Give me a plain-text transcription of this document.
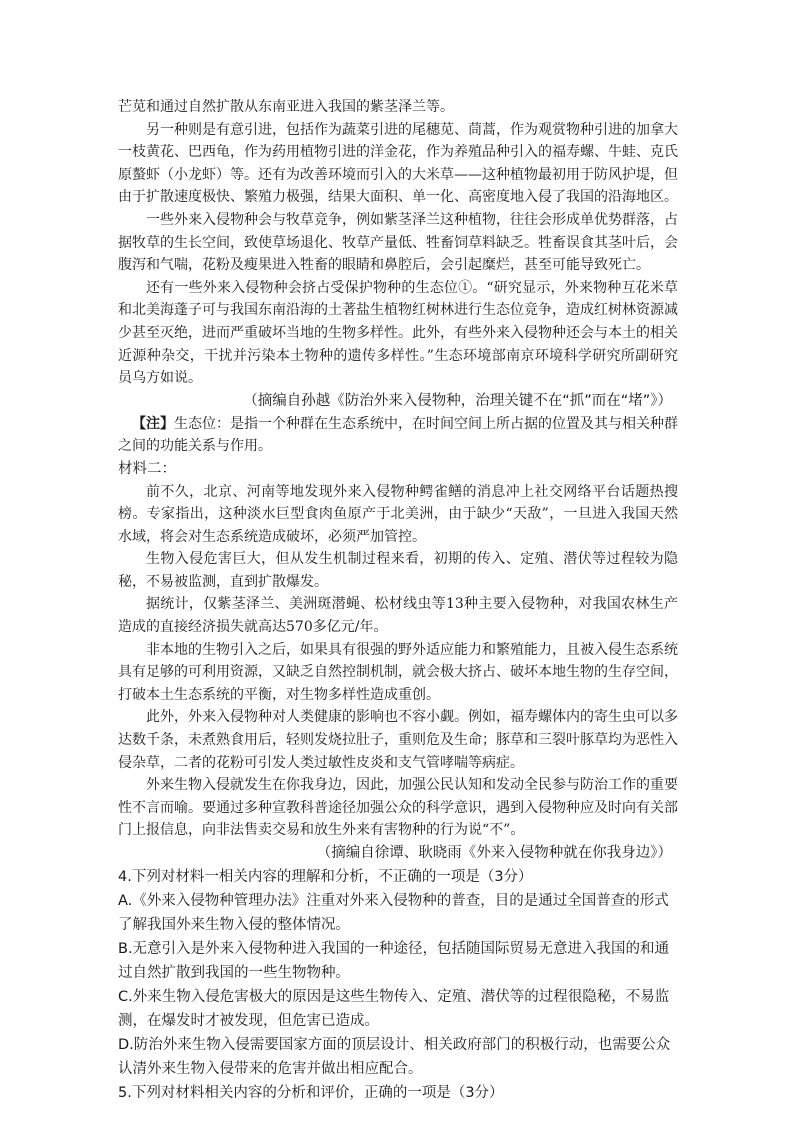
芒苋和通过自然扩散从东南亚进入我国的紫茎泽兰等。

另一种则是有意引进，包括作为蔬菜引进的尾穗苋、茼蒿，作为观赏物种引进的加拿大一枝黄花、巴西龟，作为药用植物引进的洋金花，作为养殖品种引入的福寿螺、牛蛙、克氏原螯虾（小龙虾）等。还有为改善环境而引入的大米草——这种植物最初用于防风护堤，但由于扩散速度极快、繁殖力极强，结果大面积、单一化、高密度地入侵了我国的沿海地区。

一些外来入侵物种会与牧草竞争，例如紫茎泽兰这种植物，往往会形成单优势群落，占据牧草的生长空间，致使草场退化、牧草产量低、牲畜饲草料缺乏。牲畜误食其茎叶后，会腹泻和气喘，花粉及瘦果进入牲畜的眼睛和鼻腔后，会引起糜烂，甚至可能导致死亡。

还有一些外来入侵物种会挤占受保护物种的生态位①。“研究显示，外来物种互花米草和北美海蓬子可与我国东南沿海的土著盐生植物红树林进行生态位竞争，造成红树林资源减少甚至灭绝，进而严重破坏当地的生物多样性。此外，有些外来入侵物种还会与本土的相关近源种杂交，干扰并污染本土物种的遗传多样性。”生态环境部南京环境科学研究所副研究员乌方如说。

（摘编自孙越《防治外来入侵物种，治理关键不在“抓”而在“堵”》）

【注】生态位：是指一个种群在生态系统中，在时间空间上所占据的位置及其与相关种群之间的功能关系与作用。

材料二：

前不久，北京、河南等地发现外来入侵物种鳄雀鳝的消息冲上社交网络平台话题热搜榜。专家指出，这种淡水巨型食肉鱼原产于北美洲，由于缺少“天敌”，一旦进入我国天然水域，将会对生态系统造成破坏，必须严加管控。

生物入侵危害巨大，但从发生机制过程来看，初期的传入、定殖、潜伏等过程较为隐秘，不易被监测，直到扩散爆发。

据统计，仅紫茎泽兰、美洲斑潜蝇、松材线虫等13种主要入侵物种，对我国农林生产造成的直接经济损失就高达570多亿元/年。

非本地的生物引入之后，如果具有很强的野外适应能力和繁殖能力，且被入侵生态系统具有足够的可利用资源，又缺乏自然控制机制，就会极大挤占、破坏本地生物的生存空间，打破本土生态系统的平衡，对生物多样性造成重创。

此外，外来入侵物种对人类健康的影响也不容小觑。例如，福寿螺体内的寄生虫可以多达数千条，未煮熟食用后，轻则发烧拉肚子，重则危及生命；豚草和三裂叶豚草均为恶性入侵杂草，二者的花粉可引发人类过敏性皮炎和支气管哮喘等病症。

外来生物入侵就发生在你我身边，因此，加强公民认知和发动全民参与防治工作的重要性不言而喻。要通过多种宣教科普途径加强公众的科学意识，遇到入侵物种应及时向有关部门上报信息，向非法售卖交易和放生外来有害物种的行为说“不”。

（摘编自徐谭、耿晓雨《外来入侵物种就在你我身边》）

4.下列对材料一相关内容的理解和分析，不正确的一项是（3分）

A.《外来入侵物种管理办法》注重对外来入侵物种的普查，目的是通过全国普查的形式了解我国外来生物入侵的整体情况。

B.无意引入是外来入侵物种进入我国的一种途径，包括随国际贸易无意进入我国的和通过自然扩散到我国的一些生物物种。

C.外来生物入侵危害极大的原因是这些生物传入、定殖、潜伏等的过程很隐秘，不易监测，在爆发时才被发现，但危害已造成。

D.防治外来生物入侵需要国家方面的顶层设计、相关政府部门的积极行动，也需要公众认清外来生物入侵带来的危害并做出相应配合。

5.下列对材料相关内容的分析和评价，正确的一项是（3分）
